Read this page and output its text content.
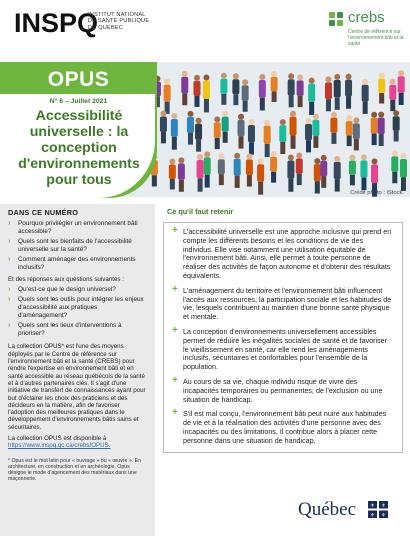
INSPQ
INSTITUT NATIONAL
DE SANTÉ PUBLIQUE
DU QUÉBEC
crebs
Centre de référence sur l'environnement bâti et la santé
OPUS
N° 6 – Juillet 2021
Accessibilité universelle : la conception d'environnements pour tous
Crédit photo : iStock.
DANS CE NUMÉRO
› Pourquoi privilégier un environnement bâti accessible?
› Quels sont les bienfaits de l'accessibilité universelle sur la santé?
› Comment aménager des environnements inclusifs?
Et des réponses aux questions suivantes :
› Qu'est-ce que le design universel?
› Quels sont les outils pour intégrer les enjeux d'accessibilité aux pratiques d'aménagement?
› Quels sont les lieux d'interventions à prioriser?
La collection OPUS* est l'une des moyens déployés par le Centre de référence sur l'environnement bâti et la santé (CREBS) pour rendre l'expertise en environnement bâti et en santé accessible au réseau québécois de la santé et à d'autres partenaires clés. Il s'agit d'une initiative de transfert de connaissances ayant pour but d'éclairer les choix des praticiens et des décideurs en la matière, afin de favoriser l'adoption des meilleures pratiques dans le développement d'environnements bâtis sains et sécuritaires.
La collection OPUS est disponible à
https://www.inspq.qc.ca/crebs/OPUS.
* Opus est le mot latin pour « ouvrage » ou « œuvre ». En architecture, en construction et en archéologie, Opus désigne le mode d'agencement des matériaux dans une maçonnerie.
Ce qu'il faut retenir
+ L'accessibilité universelle est une approche inclusive qui prend en compte les différents besoins et les conditions de vie des individus. Elle vise notamment une utilisation équitable de l'environnement bâti. Ainsi, elle permet à toute personne de réaliser des activités de façon autonome et d'obtenir des résultats équivalents.
+ L'aménagement du territoire et l'environnement bâti influencent l'accès aux ressources, la participation sociale et les habitudes de vie, lesquels contribuent au maintien d'une bonne santé physique et mentale.
+ La conception d'environnements universellement accessibles permet de réduire les inégalités sociales de santé et de favoriser le vieillissement en santé, car elle rend les aménagements inclusifs, sécuritaires et confortables pour l'ensemble de la population.
+ Au cours de sa vie, chaque individu risque de vivre des incapacités temporaires ou permanentes, de l'exclusion ou une situation de handicap.
+ S'il est mal conçu, l'environnement bâti peut nuire aux habitudes de vie et à la réalisation des activités d'une personne avec des incapacités ou des limitations. Il contribue alors à placer cette personne dans une situation de handicap.
Québec	⚜ ⚜
⚜ ⚜
